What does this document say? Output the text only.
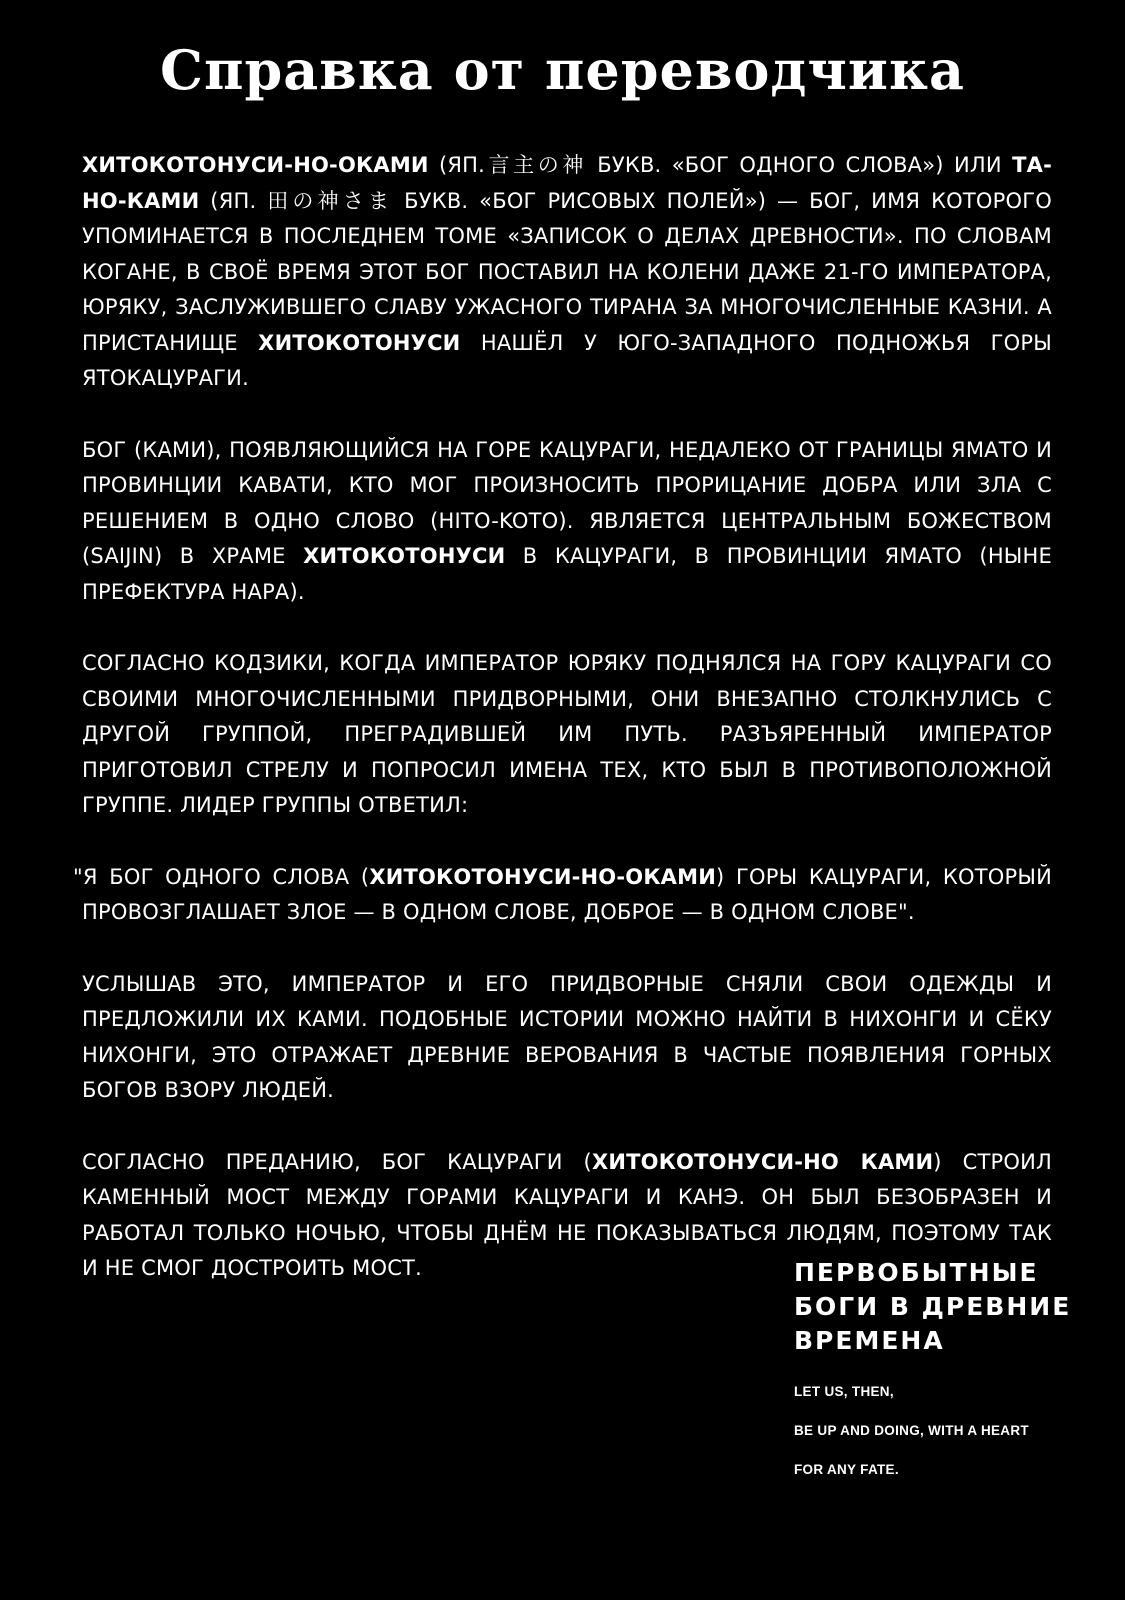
Справка от переводчика

ХИТОКОТОНУСИ-НО-ОКАМИ (ЯП.言主の神 БУКВ. «БОГ ОДНОГО СЛОВА») ИЛИ ТА-НО-КАМИ (ЯП. 田の神さま БУКВ. «БОГ РИСОВЫХ ПОЛЕЙ») — БОГ, ИМЯ КОТОРОГО УПОМИНАЕТСЯ В ПОСЛЕДНЕМ ТОМЕ «ЗАПИСОК О ДЕЛАХ ДРЕВНОСТИ». ПО СЛОВАМ КОГАНЕ, В СВОЁ ВРЕМЯ ЭТОТ БОГ ПОСТАВИЛ НА КОЛЕНИ ДАЖЕ 21-ГО ИМПЕРАТОРА, ЮРЯКУ, ЗАСЛУЖИВШЕГО СЛАВУ УЖАСНОГО ТИРАНА ЗА МНОГОЧИСЛЕННЫЕ КАЗНИ. А ПРИСТАНИЩЕ ХИТОКОТОНУСИ НАШЁЛ У ЮГО-ЗАПАДНОГО ПОДНОЖЬЯ ГОРЫ ЯТОКАЦУРАГИ.

БОГ (КАМИ), ПОЯВЛЯЮЩИЙСЯ НА ГОРЕ КАЦУРАГИ, НЕДАЛЕКО ОТ ГРАНИЦЫ ЯМАТО И ПРОВИНЦИИ КАВАТИ, КТО МОГ ПРОИЗНОСИТЬ ПРОРИЦАНИЕ ДОБРА ИЛИ ЗЛА С РЕШЕНИЕМ В ОДНО СЛОВО (HITO-KOTO). ЯВЛЯЕТСЯ ЦЕНТРАЛЬНЫМ БОЖЕСТВОМ (SAIJIN) В ХРАМЕ ХИТОКОТОНУСИ В КАЦУРАГИ, В ПРОВИНЦИИ ЯМАТО (НЫНЕ ПРЕФЕКТУРА НАРА).

СОГЛАСНО КОДЗИКИ, КОГДА ИМПЕРАТОР ЮРЯКУ ПОДНЯЛСЯ НА ГОРУ КАЦУРАГИ СО СВОИМИ МНОГОЧИСЛЕННЫМИ ПРИДВОРНЫМИ, ОНИ ВНЕЗАПНО СТОЛКНУЛИСЬ С ДРУГОЙ ГРУППОЙ, ПРЕГРАДИВШЕЙ ИМ ПУТЬ. РАЗЪЯРЕННЫЙ ИМПЕРАТОР ПРИГОТОВИЛ СТРЕЛУ И ПОПРОСИЛ ИМЕНА ТЕХ, КТО БЫЛ В ПРОТИВОПОЛОЖНОЙ ГРУППЕ. ЛИДЕР ГРУППЫ ОТВЕТИЛ:

"Я БОГ ОДНОГО СЛОВА (ХИТОКОТОНУСИ-НО-ОКАМИ) ГОРЫ КАЦУРАГИ, КОТОРЫЙ ПРОВОЗГЛАШАЕТ ЗЛОЕ — В ОДНОМ СЛОВЕ, ДОБРОЕ — В ОДНОМ СЛОВЕ".

УСЛЫШАВ ЭТО, ИМПЕРАТОР И ЕГО ПРИДВОРНЫЕ СНЯЛИ СВОИ ОДЕЖДЫ И ПРЕДЛОЖИЛИ ИХ КАМИ. ПОДОБНЫЕ ИСТОРИИ МОЖНО НАЙТИ В НИХОНГИ И СЁКУ НИХОНГИ, ЭТО ОТРАЖАЕТ ДРЕВНИЕ ВЕРОВАНИЯ В ЧАСТЫЕ ПОЯВЛЕНИЯ ГОРНЫХ БОГОВ ВЗОРУ ЛЮДЕЙ.

СОГЛАСНО ПРЕДАНИЮ, БОГ КАЦУРАГИ (ХИТОКОТОНУСИ-НО КАМИ) СТРОИЛ КАМЕННЫЙ МОСТ МЕЖДУ ГОРАМИ КАЦУРАГИ И КАНЭ. ОН БЫЛ БЕЗОБРАЗЕН И РАБОТАЛ ТОЛЬКО НОЧЬЮ, ЧТОБЫ ДНЁМ НЕ ПОКАЗЫВАТЬСЯ ЛЮДЯМ, ПОЭТОМУ ТАК И НЕ СМОГ ДОСТРОИТЬ МОСТ.	ПЕРВОБЫТНЫЕ
БОГИ В ДРЕВНИЕ
ВРЕМЕНА
LET US, THEN,
BE UP AND DOING, WITH A HEART
FOR ANY FATE.
